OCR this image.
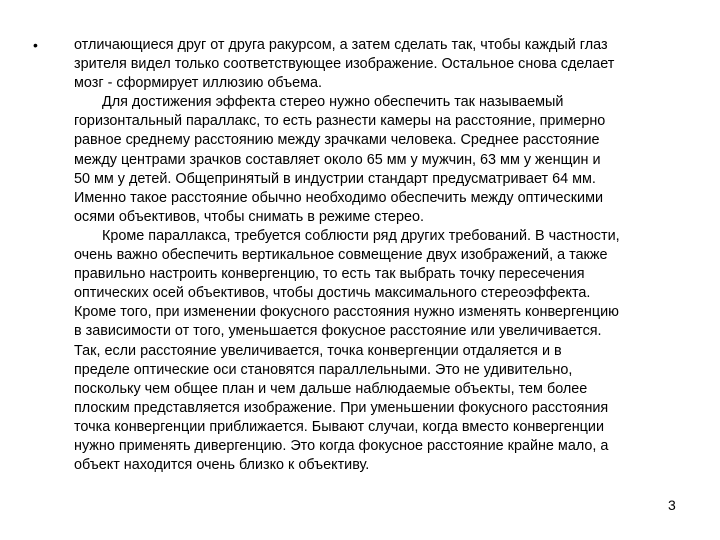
•	отличающиеся друг от друга ракурсом, а затем сделать так, чтобы каждый глаз
зрителя видел только соответствующее изображение. Остальное снова сделает
мозг - сформирует иллюзию объема.
Для достижения эффекта стерео нужно обеспечить так называемый
горизонтальный параллакс, то есть разнести камеры на расстояние, примерно
равное среднему расстоянию между зрачками человека. Среднее расстояние
между центрами зрачков составляет около 65 мм у мужчин, 63 мм у женщин и
50 мм у детей. Общепринятый в индустрии стандарт предусматривает 64 мм.
Именно такое расстояние обычно необходимо обеспечить между оптическими
осями объективов, чтобы снимать в режиме стерео.
Кроме параллакса, требуется соблюсти ряд других требований. В частности,
очень важно обеспечить вертикальное совмещение двух изображений, а также
правильно настроить конвергенцию, то есть так выбрать точку пересечения
оптических осей объективов, чтобы достичь максимального стереоэффекта.
Кроме того, при изменении фокусного расстояния нужно изменять конвергенцию
в зависимости от того, уменьшается фокусное расстояние или увеличивается.
Так, если расстояние увеличивается, точка конвергенции отдаляется и в
пределе оптические оси становятся параллельными. Это не удивительно,
поскольку чем общее план и чем дальше наблюдаемые объекты, тем более
плоским представляется изображение. При уменьшении фокусного расстояния
точка конвергенции приближается. Бывают случаи, когда вместо конвергенции
нужно применять дивергенцию. Это когда фокусное расстояние крайне мало, а
объект находится очень близко к объективу.
3
